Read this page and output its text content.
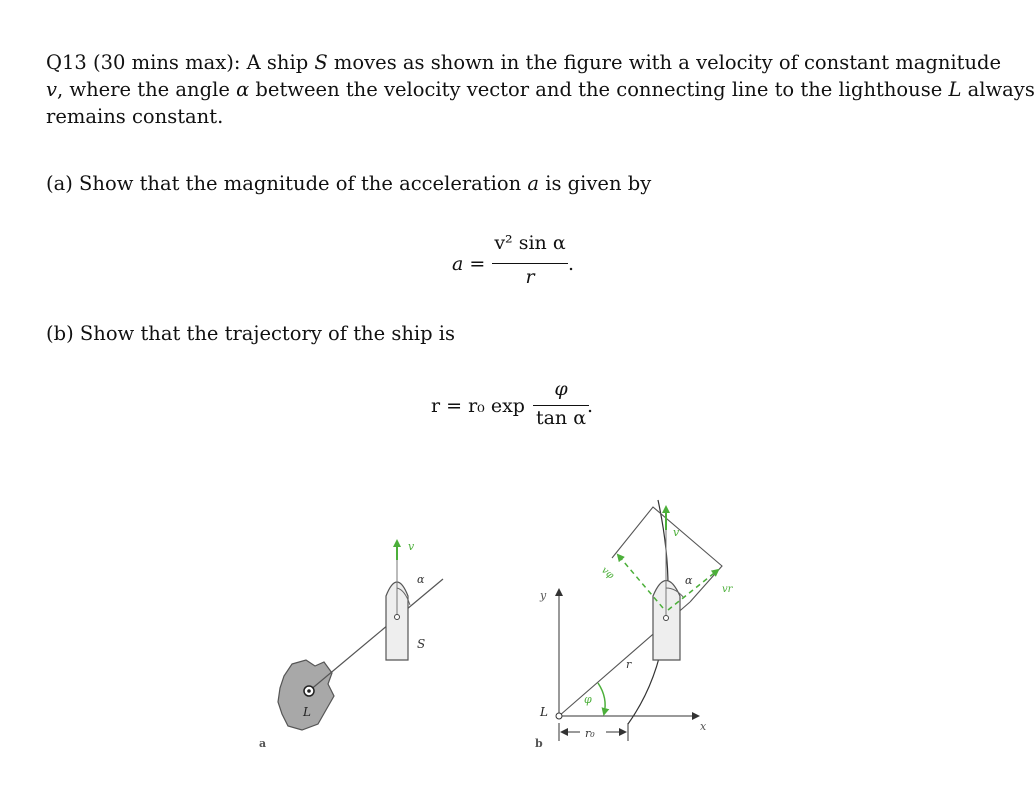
Q13 (30 mins max): A ship S moves as shown in the figure with a velocity of constant magnitude
v, where the angle α between the velocity vector and the connecting line to the lighthouse L always
remains constant.
(a) Show that the magnitude of the acceleration a is given by
a =
v² sin α
r
.
(b) Show that the trajectory of the ship is
r = r₀ exp
φ
tan α
.
v
α
S
L
a
y
x
L
r₀
r
φ
α
v
vφ
vr
b
